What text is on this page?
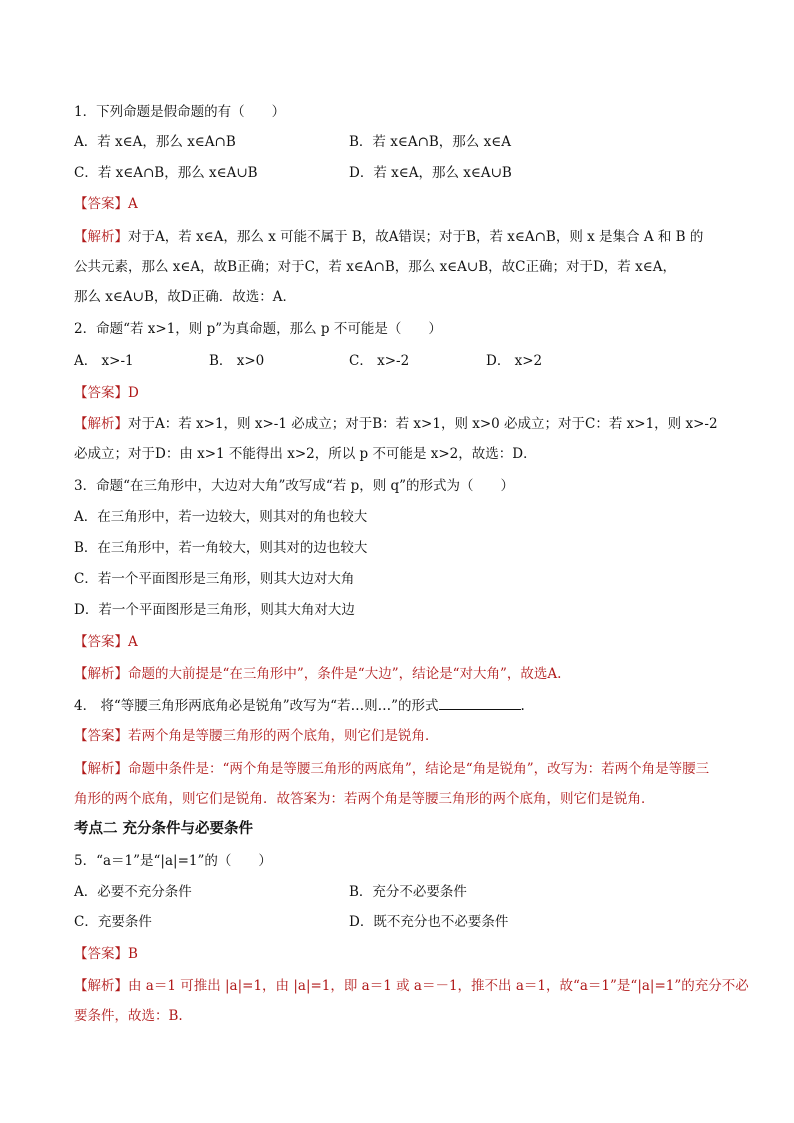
1．下列命题是假命题的有（　　）

A．若 x∈A，那么 x∈A∩B	B．若 x∈A∩B，那么 x∈A
C．若 x∈A∩B，那么 x∈A∪B	D．若 x∈A，那么 x∈A∪B

【答案】A

【解析】对于A，若 x∈A，那么 x 可能不属于 B，故A错误；对于B，若 x∈A∩B，则 x 是集合 A 和 B 的

公共元素，那么 x∈A，故B正确；对于C，若 x∈A∩B，那么 x∈A∪B，故C正确；对于D，若 x∈A，

那么 x∈A∪B，故D正确．故选：A．

2．命题“若 x>1，则 p”为真命题，那么 p 不可能是（　　）

A． x>-1	B． x>0	C． x>-2	D． x>2

【答案】D

【解析】对于A：若 x>1，则 x>-1 必成立；对于B：若 x>1，则 x>0 必成立；对于C：若 x>1，则 x>-2

必成立；对于D：由 x>1 不能得出 x>2，所以 p 不可能是 x>2，故选：D．

3．命题“在三角形中，大边对大角”改写成“若 p，则 q”的形式为（　　）

A．在三角形中，若一边较大，则其对的角也较大

B．在三角形中，若一角较大，则其对的边也较大

C．若一个平面图形是三角形，则其大边对大角

D．若一个平面图形是三角形，则其大角对大边

【答案】A

【解析】命题的大前提是“在三角形中”，条件是“大边”，结论是“对大角”，故选A.

4． 将“等腰三角形两底角必是锐角”改写为“若…则…”的形式	.

【答案】若两个角是等腰三角形的两个底角，则它们是锐角．

【解析】命题中条件是：“两个角是等腰三角形的两底角”，结论是“角是锐角”，改写为：若两个角是等腰三

角形的两个底角，则它们是锐角．故答案为：若两个角是等腰三角形的两个底角，则它们是锐角．

考点二 充分条件与必要条件

5．“a＝1”是“|a|=1”的（　　）

A．必要不充分条件	B．充分不必要条件
C．充要条件	D．既不充分也不必要条件

【答案】B

【解析】由 a＝1 可推出 |a|=1，由 |a|=1，即 a＝1 或 a＝－1，推不出 a＝1，故“a＝1”是“|a|=1”的充分不必

要条件，故选：B.
